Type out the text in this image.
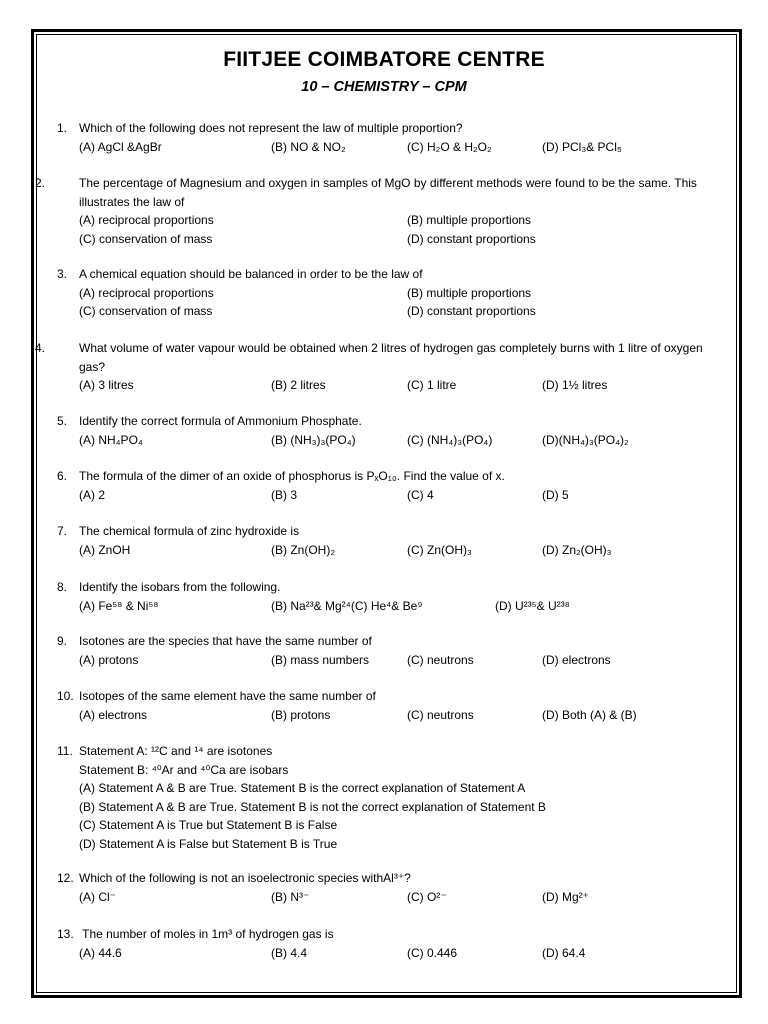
FIITJEE COIMBATORE CENTRE
10 – CHEMISTRY – CPM
1. Which of the following does not represent the law of multiple proportion?
(A) AgCl &AgBr	(B) NO & NO₂	(C) H₂O & H₂O₂	(D) PCl₃& PCl₅
2.	The percentage of Magnesium and oxygen in samples of MgO by different methods were found to be the same. This illustrates the law of
(A) reciprocal proportions	(B) multiple proportions
(C) conservation of mass	(D) constant proportions
3. A chemical equation should be balanced in order to be the law of
(A) reciprocal proportions	(B) multiple proportions
(C) conservation of mass	(D) constant proportions
4.	What volume of water vapour would be obtained when 2 litres of hydrogen gas completely burns with 1 litre of oxygen gas?
(A) 3 litres	(B) 2 litres	(C) 1 litre	(D) 1½ litres
5. Identify the correct formula of Ammonium Phosphate.
(A) NH₄PO₄	(B) (NH₃)₃(PO₄)	(C) (NH₄)₃(PO₄)	(D)(NH₄)₃(PO₄)₂
6. The formula of the dimer of an oxide of phosphorus is PₓO₁₀. Find the value of x.
(A) 2	(B) 3	(C) 4	(D) 5
7. The chemical formula of zinc hydroxide is
(A) ZnOH	(B) Zn(OH)₂	(C) Zn(OH)₃	(D) Zn₂(OH)₃
8. Identify the isobars from the following.
(A) Fe⁵⁸ & Ni⁵⁸	(B) Na²³& Mg²⁴(C) He⁴& Be⁹	(D) U²³⁵& U²³⁸
9. Isotones are the species that have the same number of
(A) protons	(B) mass numbers	(C) neutrons	(D) electrons
10. Isotopes of the same element have the same number of
(A) electrons	(B) protons	(C) neutrons	(D) Both (A) & (B)
11. Statement A: ¹²C and ¹⁴ are isotones
Statement B: ⁴⁰Ar and ⁴⁰Ca are isobars
(A) Statement A & B are True. Statement B is the correct explanation of Statement A
(B) Statement A & B are True. Statement B is not the correct explanation of Statement B
(C) Statement A is True but Statement B is False
(D) Statement A is False but Statement B is True
12. Which of the following is not an isoelectronic species withAl³⁺?
(A) Cl⁻	(B) N³⁻	(C) O²⁻	(D) Mg²⁺
13. The number of moles in 1m³ of hydrogen gas is
(A) 44.6	(B) 4.4	(C) 0.446	(D) 64.4
